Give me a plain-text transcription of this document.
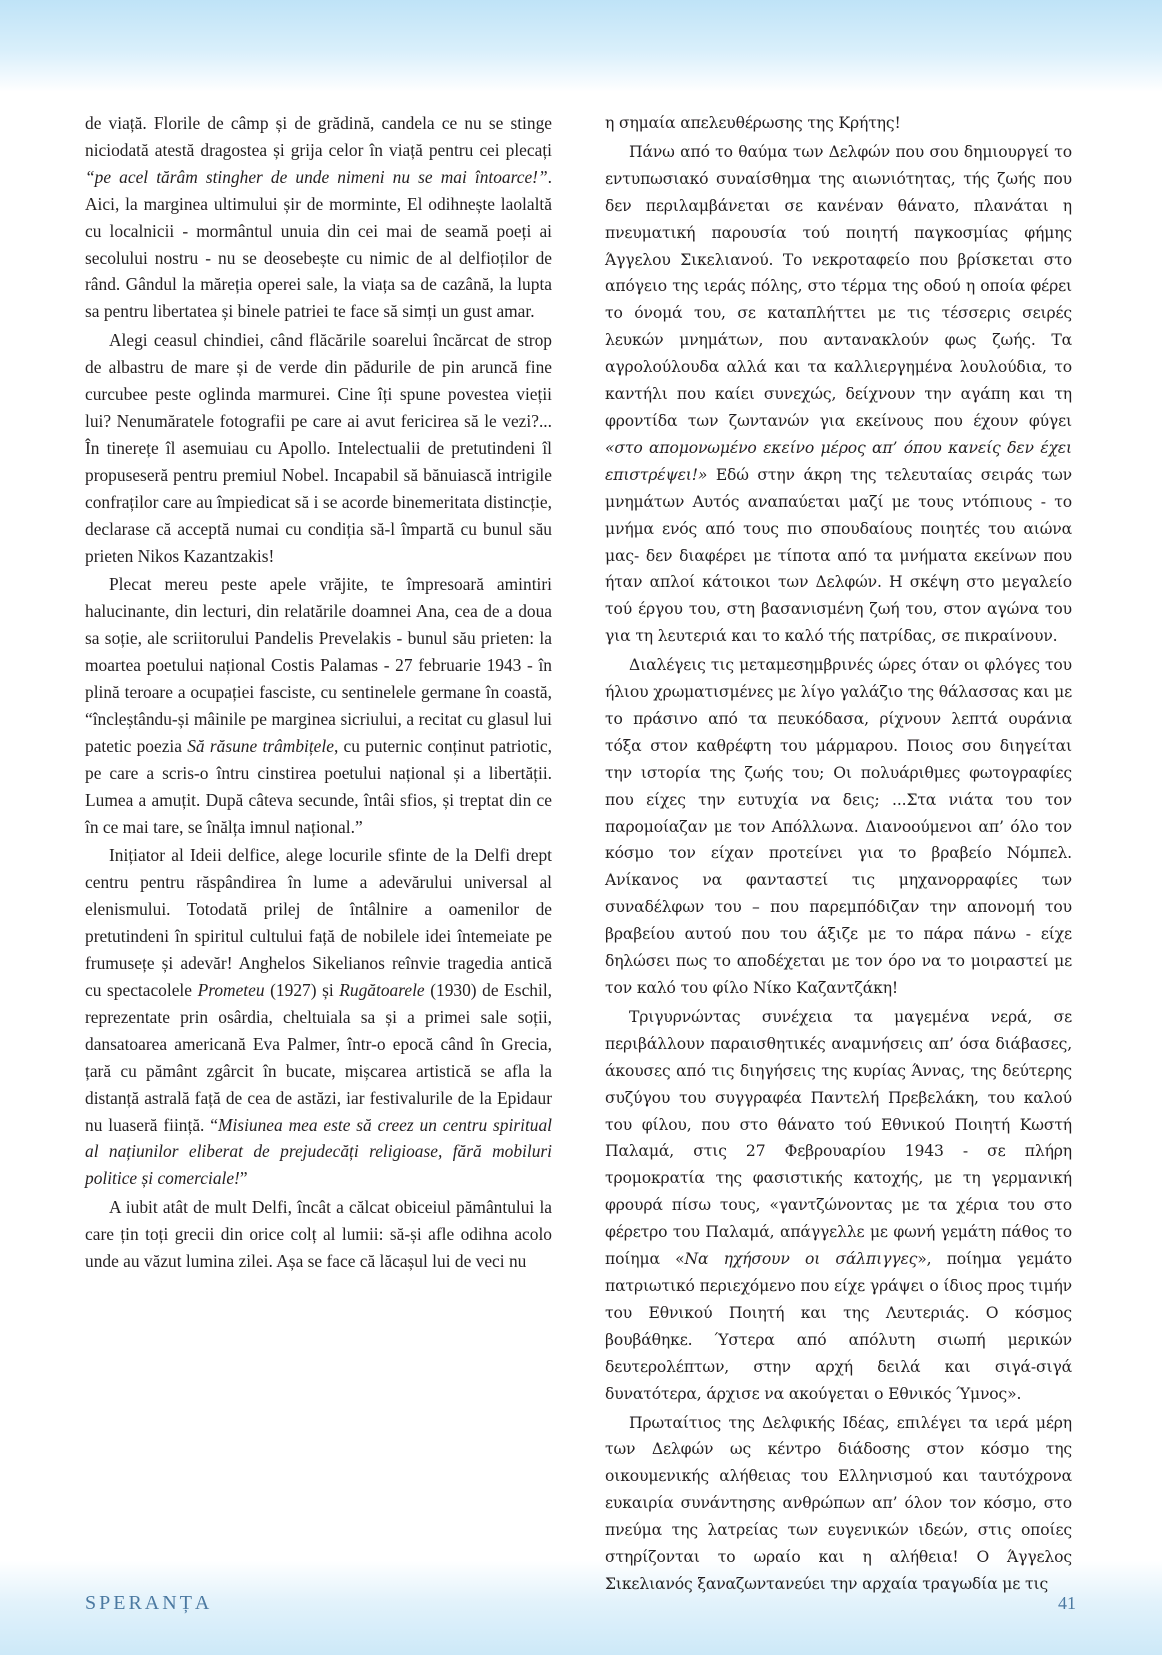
de viață. Florile de câmp și de grădină, candela ce nu se stinge niciodată atestă dragostea și grija celor în viață pentru cei plecați “pe acel tărâm stingher de unde nimeni nu se mai întoarce!”. Aici, la marginea ultimului șir de morminte, El odihnește laolaltă cu localnicii - mormântul unuia din cei mai de seamă poeți ai secolului nostru - nu se deosebește cu nimic de al delfioților de rând. Gândul la măreția operei sale, la viața sa de cazână, la lupta sa pentru libertatea și binele patriei te face să simți un gust amar.

Alegi ceasul chindiei, când flăcările soarelui încărcat de strop de albastru de mare și de verde din pădurile de pin aruncă fine curcubee peste oglinda marmurei. Cine îți spune povestea vieții lui? Nenumăratele fotografii pe care ai avut fericirea să le vezi?... În tinerețe îl asemuiau cu Apollo. Intelectualii de pretutindeni îl propuseseră pentru premiul Nobel. Incapabil să bănuiască intrigile confraților care au împiedicat să i se acorde binemeritata distincție, declarase că acceptă numai cu condiția să-l împartă cu bunul său prieten Nikos Kazantzakis!

Plecat mereu peste apele vrăjite, te împresoară amintiri halucinante, din lecturi, din relatările doamnei Ana, cea de a doua sa soție, ale scriitorului Pandelis Prevelakis - bunul său prieten: la moartea poetului național Costis Palamas - 27 februarie 1943 - în plină teroare a ocupației fasciste, cu sentinelele germane în coastă, “încleștându-și mâinile pe marginea sicriului, a recitat cu glasul lui patetic poezia Să răsune trâmbițele, cu puternic conținut patriotic, pe care a scris-o întru cinstirea poetului național și a libertății. Lumea a amuțit. După câteva secunde, întâi sfios, și treptat din ce în ce mai tare, se înălța imnul național.”

Inițiator al Ideii delfice, alege locurile sfinte de la Delfi drept centru pentru răspândirea în lume a adevărului universal al elenismului. Totodată prilej de întâlnire a oamenilor de pretutindeni în spiritul cultului față de nobilele idei întemeiate pe frumusețe și adevăr! Anghelos Sikelianos reînvie tragedia antică cu spectacolele Prometeu (1927) și Rugătoarele (1930) de Eschil, reprezentate prin osârdia, cheltuiala sa și a primei sale soții, dansatoarea americană Eva Palmer, într-o epocă când în Grecia, țară cu pământ zgârcit în bucate, mișcarea artistică se afla la distanță astrală față de cea de astăzi, iar festivalurile de la Epidaur nu luaseră ființă. “Misiunea mea este să creez un centru spiritual al națiunilor eliberat de prejudecăți religioase, fără mobiluri politice și comerciale!”

A iubit atât de mult Delfi, încât a călcat obiceiul pământului la care țin toți grecii din orice colț al lumii: să-și afle odihna acolo unde au văzut lumina zilei. Așa se face că lăcașul lui de veci nu

η σημαία απελευθέρωσης της Κρήτης!

Πάνω από το θαύμα των Δελφών που σου δημιουργεί το εντυπωσιακό συναίσθημα της αιωνιότητας, τής ζωής που δεν περιλαμβάνεται σε κανέναν θάνατο, πλανάται η πνευματική παρουσία τού ποιητή παγκοσμίας φήμης Άγγελου Σικελιανού. Το νεκροταφείο που βρίσκεται στο απόγειο της ιεράς πόλης, στο τέρμα της οδού η οποία φέρει το όνομά του, σε καταπλήττει με τις τέσσερις σειρές λευκών μνημάτων, που αντανακλούν φως ζωής. Τα αγρολούλουδα αλλά και τα καλλιεργημένα λουλούδια, το καντήλι που καίει συνεχώς, δείχνουν την αγάπη και τη φροντίδα των ζωντανών για εκείνους που έχουν φύγει «στο απομονωμένο εκείνο μέρος απ’ όπου κανείς δεν έχει επιστρέψει!» Εδώ στην άκρη της τελευταίας σειράς των μνημάτων Αυτός αναπαύεται μαζί με τους ντόπιους - το μνήμα ενός από τους πιο σπουδαίους ποιητές του αιώνα μας- δεν διαφέρει με τίποτα από τα μνήματα εκείνων που ήταν απλοί κάτοικοι των Δελφών. Η σκέψη στο μεγαλείο τού έργου του, στη βασανισμένη ζωή του, στον αγώνα του για τη λευτεριά και το καλό τής πατρίδας, σε πικραίνουν.

Διαλέγεις τις μεταμεσημβρινές ώρες όταν οι φλόγες του ήλιου χρωματισμένες με λίγο γαλάζιο της θάλασσας και με το πράσινο από τα πευκόδασα, ρίχνουν λεπτά ουράνια τόξα στον καθρέφτη του μάρμαρου. Ποιος σου διηγείται την ιστορία της ζωής του; Οι πολυάριθμες φωτογραφίες που είχες την ευτυχία να δεις; ...Στα νιάτα του τον παρομοίαζαν με τον Απόλλωνα. Διανοούμενοι απ’ όλο τον κόσμο τον είχαν προτείνει για το βραβείο Νόμπελ. Ανίκανος να φανταστεί τις μηχανορραφίες των συναδέλφων του – που παρεμπόδιζαν την απονομή του βραβείου αυτού που του άξιζε με το πάρα πάνω - είχε δηλώσει πως το αποδέχεται με τον όρο να το μοιραστεί με τον καλό του φίλο Νίκο Καζαντζάκη!

Τριγυρνώντας συνέχεια τα μαγεμένα νερά, σε περιβάλλουν παραισθητικές αναμνήσεις απ’ όσα διάβασες, άκουσες από τις διηγήσεις της κυρίας Άννας, της δεύτερης συζύγου του συγγραφέα Παντελή Πρεβελάκη, του καλού του φίλου, που στο θάνατο τού Εθνικού Ποιητή Κωστή Παλαμά, στις 27 Φεβρουαρίου 1943 - σε πλήρη τρομοκρατία της φασιστικής κατοχής, με τη γερμανική φρουρά πίσω τους, «γαντζώνοντας με τα χέρια του στο φέρετρο του Παλαμά, απάγγελλε με φωνή γεμάτη πάθος το ποίημα «Να ηχήσουν οι σάλπιγγες», ποίημα γεμάτο πατριωτικό περιεχόμενο που είχε γράψει ο ίδιος προς τιμήν του Εθνικού Ποιητή και της Λευτεριάς. Ο κόσμος βουβάθηκε. Ύστερα από απόλυτη σιωπή μερικών δευτερολέπτων, στην αρχή δειλά και σιγά-σιγά δυνατότερα, άρχισε να ακούγεται ο Εθνικός Ύμνος».

Πρωταίτιος της Δελφικής Ιδέας, επιλέγει τα ιερά μέρη των Δελφών ως κέντρο διάδοσης στον κόσμο της οικουμενικής αλήθειας του Ελληνισμού και ταυτόχρονα ευκαιρία συνάντησης ανθρώπων απ’ όλον τον κόσμο, στο πνεύμα της λατρείας των ευγενικών ιδεών, στις οποίες στηρίζονται το ωραίο και η αλήθεια! Ο Άγγελος Σικελιανός ξαναζωντανεύει την αρχαία τραγωδία με τις

SPERANȚA	41
